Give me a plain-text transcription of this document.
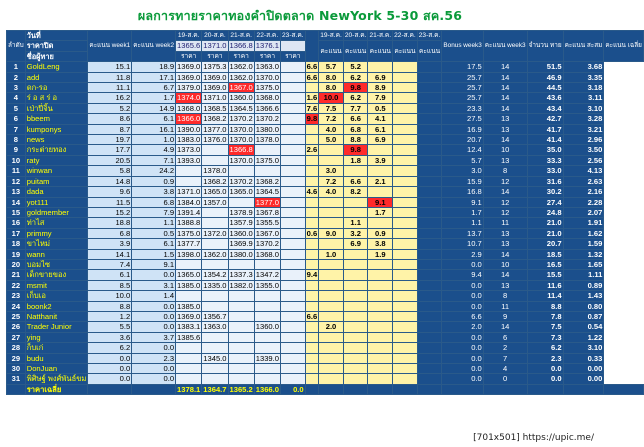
ผลการทายราคาทองคำปิดตลาด NewYork 5-30 สค.56
ลำดับ	วันที่	คะแนน week1	คะแนน week2	19-ส.ค.	20-ส.ค.	21-ส.ค.	22-ส.ค.	23-ส.ค.		19-ส.ค.	20-ส.ค.	21-ส.ค.	22-ส.ค.	23-ส.ค.	Bonus week3	คะแนน week3	จำนวน ทาย	คะแนน สะสม	คะแนน เฉลี่ย
	ราคาปิด			1365.6	1371.0	1366.8	1376.1			คะแนน	คะแนน	คะแนน	คะแนน	คะแนน					
	ชื่อผู้ทาย			ราคา	ราคา	ราคา	ราคา	ราคา											
1	GoldLeng	15.1	18.9	1369.0	1375.3	1362.0	1363.0		6.6	5.7	5.2				17.5	14	51.5	3.68	
2	add	11.8	17.1	1369.0	1369.0	1362.0	1370.0		6.6	8.0	6.2	6.9			25.7	14	46.9	3.35	
3	ดก-รอ	11.1	6.7	1379.0	1369.0	1367.0	1375.0			8.0	9.8	8.9			25.7	14	44.5	3.18	
4	ร่ อ ส ร่ อ	16.2	1.7	1374.0	1371.0	1360.0	1368.0		1.6	10.0	6.2	7.9			25.7	14	43.6	3.11	
5	เป่าปี่จิ้น	5.2	14.9	1368.0	1368.5	1364.5	1366.6		7.6	7.5	7.7	0.5			23.3	14	43.4	3.10	
6	bbeem	8.6	6.1	1366.0	1368.2	1370.2	1370.2		9.8	7.2	6.6	4.1			27.5	13	42.7	3.28	
7	kumponys	8.7	16.1	1390.0	1377.0	1370.0	1380.0			4.0	6.8	6.1			16.9	13	41.7	3.21	
8	news	19.7	1.0	1383.0	1376.0	1370.0	1378.0			5.0	8.8	6.9			20.7	14	41.4	2.96	
9	กระต่ายทอง	17.7	4.9	1373.0		1366.8			2.6		9.8				12.4	10	35.0	3.50	
10	raty	20.5	7.1	1393.0		1370.0	1375.0				1.8	3.9			5.7	13	33.3	2.56	
11	winwan	5.8	24.2		1378.0					3.0					3.0	8	33.0	4.13	
12	puitam	14.8	0.9		1368.2	1370.2	1368.2			7.2	6.6	2.1			15.9	12	31.6	2.63	
13	dada	9.6	3.8	1371.0	1365.0	1365.0	1364.5		4.6	4.0	8.2				16.8	14	30.2	2.16	
14	yot111	11.5	6.8	1384.0	1357.0		1377.0					9.1			9.1	12	27.4	2.28	
15	goldmember	15.2	7.9	1391.4		1378.9	1367.8					1.7			1.7	12	24.8	2.07	
16	ท่าไส	18.8	1.1	1388.8		1357.9	1355.5				1.1				1.1	11	21.0	1.91	
17	primmy	6.8	0.5	1375.0	1372.0	1360.0	1367.0		0.6	9.0	3.2	0.9			13.7	13	21.0	1.62	
18	ขาไหม่	3.9	6.1	1377.7		1369.9	1370.2				6.9	3.8			10.7	13	20.7	1.59	
19	wann	14.1	1.5	1398.0	1362.0	1380.0	1368.0			1.0		1.9			2.9	14	18.5	1.32	
20	บอมไซ	7.4	9.1												0.0	10	16.5	1.65	
21	เด็กขายของ	6.1	0.0	1365.0	1354.2	1337.3	1347.2		9.4						9.4	14	15.5	1.11	
22	msmit	8.5	3.1	1385.0	1335.0	1382.0	1355.0								0.0	13	11.6	0.89	
23	เก็บเอ	10.0	1.4												0.0	8	11.4	1.43	
24	boonk2	8.8	0.0	1385.0											0.0	11	8.8	0.80	
25	Natthanit	1.2	0.0	1369.0	1356.7				6.6						6.6	9	7.8	0.87	
26	Trader Junior	5.5	0.0	1383.1	1363.0		1360.0			2.0					2.0	14	7.5	0.54	
27	ying	3.6	3.7	1385.6											0.0	6	7.3	1.22	
28	ก็บเก่	6.2	0.0												0.0	2	6.2	3.10	
29	budu	0.0	2.3		1345.0		1339.0								0.0	7	2.3	0.33	
30	DonJuan	0.0	0.0												0.0	4	0.0	0.00	
31	พิศิษฐ์ พงศ์พันธ์ขม	0.0	0.0												0.0	0	0.0	0.00	
	ราคาเฉลี่ย			1378.1	1364.7	1365.2	1366.0	0.0											
[701x501] https://upic.me/
